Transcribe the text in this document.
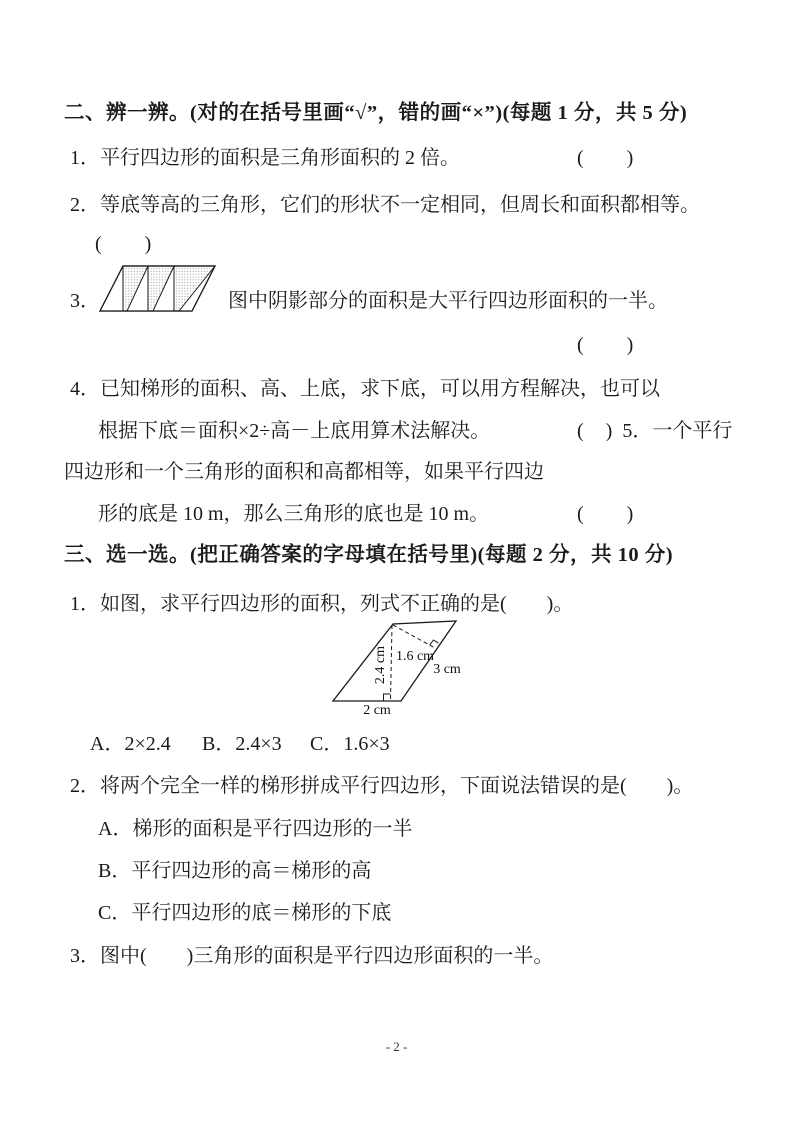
二、辨一辨。(对的在括号里画“√”，错的画“×”)(每题 1 分，共 5 分)
1．平行四边形的面积是三角形面积的 2 倍。	(　　)
2．等底等高的三角形，它们的形状不一定相同，但周长和面积都相等。
(　　)
3．	图中阴影部分的面积是大平行四边形面积的一半。
(　　)
4．已知梯形的面积、高、上底，求下底，可以用方程解决，也可以
根据下底＝面积×2÷高－上底用算术法解决。	(　) 5．一个平行
四边形和一个三角形的面积和高都相等，如果平行四边
形的底是 10 m，那么三角形的底也是 10 m。	(　　)
三、选一选。(把正确答案的字母填在括号里)(每题 2 分，共 10 分)
1．如图，求平行四边形的面积，列式不正确的是(　　)。
1.6 cm
2.4 cm	3 cm
2 cm
A．2×2.4 B．2.4×3 C．1.6×3
2．将两个完全一样的梯形拼成平行四边形，下面说法错误的是(　　)。
A．梯形的面积是平行四边形的一半
B．平行四边形的高＝梯形的高
C．平行四边形的底＝梯形的下底
3．图中(　　)三角形的面积是平行四边形面积的一半。
- 2 -
